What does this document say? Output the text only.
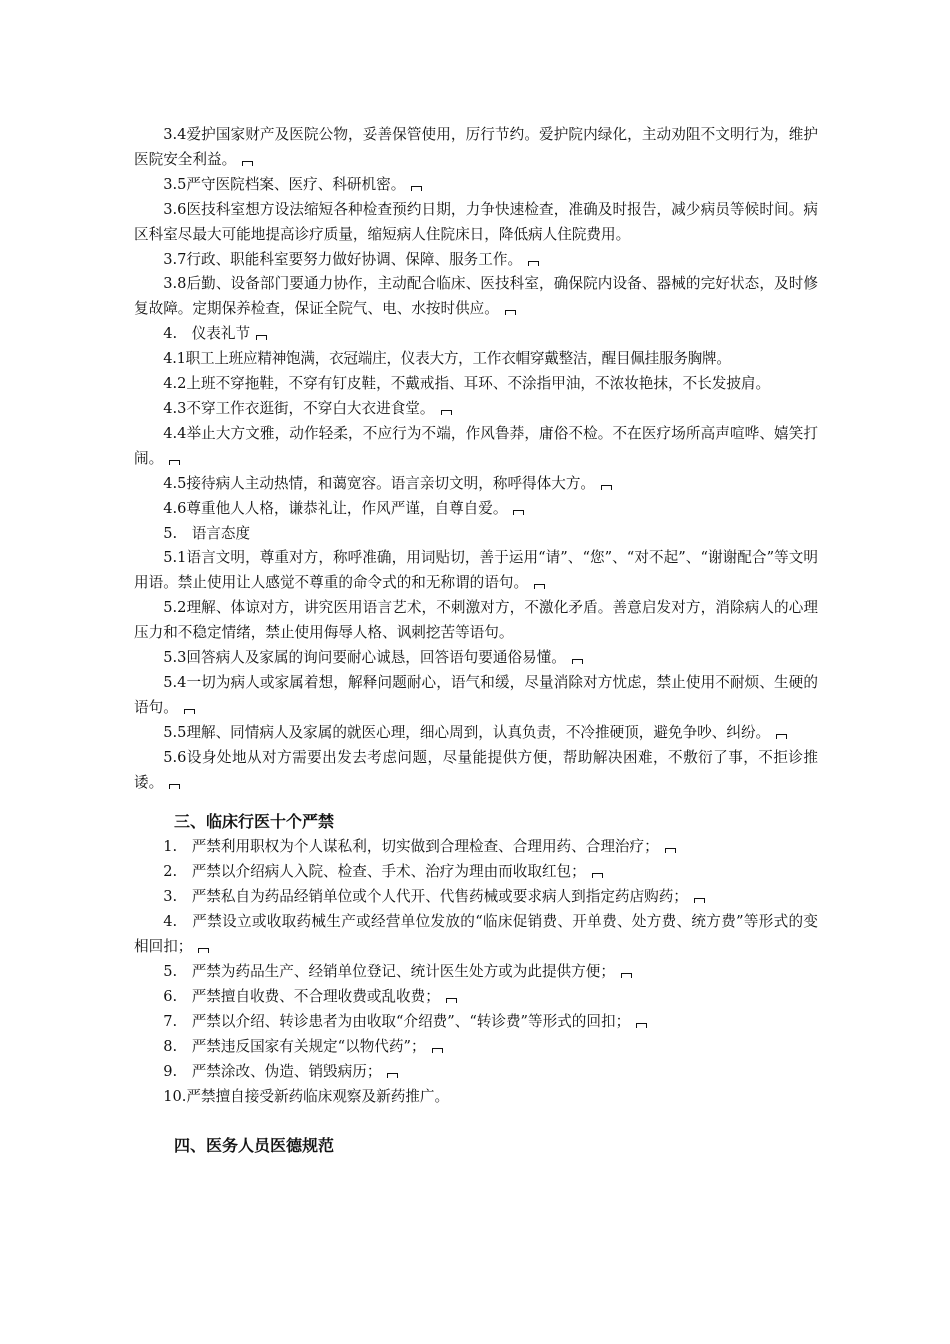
3.4爱护国家财产及医院公物，妥善保管使用，厉行节约。爱护院内绿化，主动劝阻不文明行为，维护医院安全利益。

3.5严守医院档案、医疗、科研机密。

3.6医技科室想方设法缩短各种检查预约日期，力争快速检查，准确及时报告，减少病员等候时间。病区科室尽最大可能地提高诊疗质量，缩短病人住院床日，降低病人住院费用。

3.7行政、职能科室要努力做好协调、保障、服务工作。

3.8后勤、设备部门要通力协作，主动配合临床、医技科室，确保院内设备、器械的完好状态，及时修复故障。定期保养检查，保证全院气、电、水按时供应。

4.　仪表礼节

4.1职工上班应精神饱满，衣冠端庄，仪表大方，工作衣帽穿戴整洁，醒目佩挂服务胸牌。

4.2上班不穿拖鞋，不穿有钉皮鞋，不戴戒指、耳环、不涂指甲油，不浓妆艳抹，不长发披肩。

4.3不穿工作衣逛街，不穿白大衣进食堂。

4.4举止大方文雅，动作轻柔，不应行为不端，作风鲁莽，庸俗不检。不在医疗场所高声喧哗、嬉笑打闹。

4.5接待病人主动热情，和蔼宽容。语言亲切文明，称呼得体大方。

4.6尊重他人人格，谦恭礼让，作风严谨，自尊自爱。

5.　语言态度

5.1语言文明，尊重对方，称呼准确，用词贴切，善于运用“请”、“您”、“对不起”、“谢谢配合”等文明用语。禁止使用让人感觉不尊重的命令式的和无称谓的语句。

5.2理解、体谅对方，讲究医用语言艺术，不刺激对方，不激化矛盾。善意启发对方，消除病人的心理压力和不稳定情绪，禁止使用侮辱人格、讽刺挖苦等语句。

5.3回答病人及家属的询问要耐心诚恳，回答语句要通俗易懂。

5.4一切为病人或家属着想，解释问题耐心，语气和缓，尽量消除对方忧虑，禁止使用不耐烦、生硬的语句。

5.5理解、同情病人及家属的就医心理，细心周到，认真负责，不冷推硬顶，避免争吵、纠纷。

5.6设身处地从对方需要出发去考虑问题，尽量能提供方便，帮助解决困难，不敷衍了事，不拒诊推诿。

三、临床行医十个严禁

1.　严禁利用职权为个人谋私利，切实做到合理检查、合理用药、合理治疗；

2.　严禁以介绍病人入院、检查、手术、治疗为理由而收取红包；

3.　严禁私自为药品经销单位或个人代开、代售药械或要求病人到指定药店购药；

4.　严禁设立或收取药械生产或经营单位发放的“临床促销费、开单费、处方费、统方费”等形式的变相回扣；

5.　严禁为药品生产、经销单位登记、统计医生处方或为此提供方便；

6.　严禁擅自收费、不合理收费或乱收费；

7.　严禁以介绍、转诊患者为由收取“介绍费”、“转诊费”等形式的回扣；

8.　严禁违反国家有关规定“以物代药”；

9.　严禁涂改、伪造、销毁病历；

10.严禁擅自接受新药临床观察及新药推广。

四、医务人员医德规范
